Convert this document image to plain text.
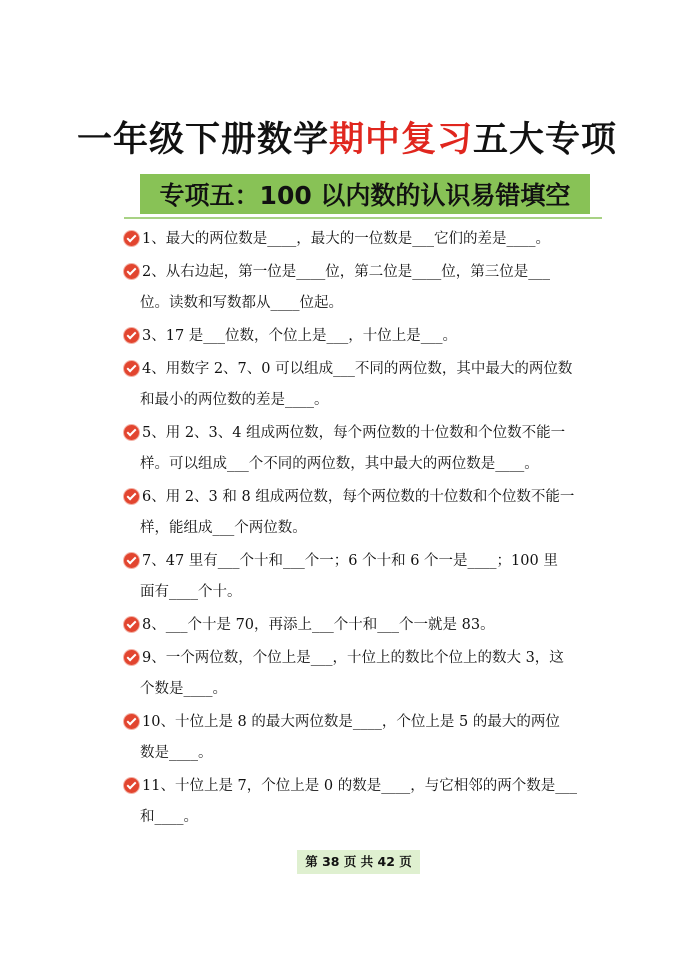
一年级下册数学期中复习五大专项
专项五：100 以内数的认识易错填空
1、最大的两位数是____，最大的一位数是___它们的差是____。
2、从右边起，第一位是____位，第二位是____位，第三位是___
位。读数和写数都从____位起。
3、17 是___位数，个位上是___，十位上是___。
4、用数字 2、7、0 可以组成___不同的两位数，其中最大的两位数
和最小的两位数的差是____。
5、用 2、3、4 组成两位数，每个两位数的十位数和个位数不能一
样。可以组成___个不同的两位数，其中最大的两位数是____。
6、用 2、3 和 8 组成两位数，每个两位数的十位数和个位数不能一
样，能组成___个两位数。
7、47 里有___个十和___个一；6 个十和 6 个一是____；100 里
面有____个十。
8、___个十是 70，再添上___个十和___个一就是 83。
9、一个两位数，个位上是___，十位上的数比个位上的数大 3，这
个数是____。
10、十位上是 8 的最大两位数是____，个位上是 5 的最大的两位
数是____。
11、十位上是 7，个位上是 0 的数是____，与它相邻的两个数是___
和____。
第 38 页 共 42 页
